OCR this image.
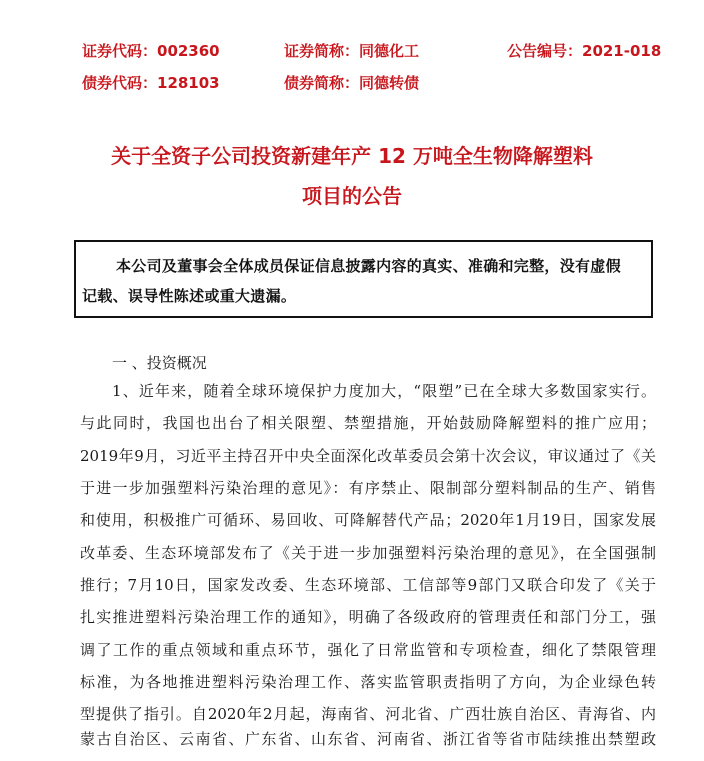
证券代码：002360	证券简称：同德化工	公告编号：2021-018
债券代码：128103	债券简称：同德转债
关于全资子公司投资新建年产 12 万吨全生物降解塑料
项目的公告
本公司及董事会全体成员保证信息披露内容的真实、准确和完整，没有虚假
记载、误导性陈述或重大遗漏。
一 、投资概况
1、近年来，随着全球环境保护力度加大，“限塑”已在全球大多数国家实行。
与此同时，我国也出台了相关限塑、禁塑措施，开始鼓励降解塑料的推广应用；
2019年9月，习近平主持召开中央全面深化改革委员会第十次会议，审议通过了《关
于进一步加强塑料污染治理的意见》：有序禁止、限制部分塑料制品的生产、销售
和使用，积极推广可循环、易回收、可降解替代产品；2020年1月19日，国家发展
改革委、生态环境部发布了《关于进一步加强塑料污染治理的意见》，在全国强制
推行；7月10日，国家发改委、生态环境部、工信部等9部门又联合印发了《关于
扎实推进塑料污染治理工作的通知》，明确了各级政府的管理责任和部门分工，强
调了工作的重点领域和重点环节，强化了日常监管和专项检查，细化了禁限管理
标准，为各地推进塑料污染治理工作、落实监管职责指明了方向，为企业绿色转
型提供了指引。自2020年2月起，海南省、河北省、广西壮族自治区、青海省、内
蒙古自治区、云南省、广东省、山东省、河南省、浙江省等省市陆续推出禁塑政
